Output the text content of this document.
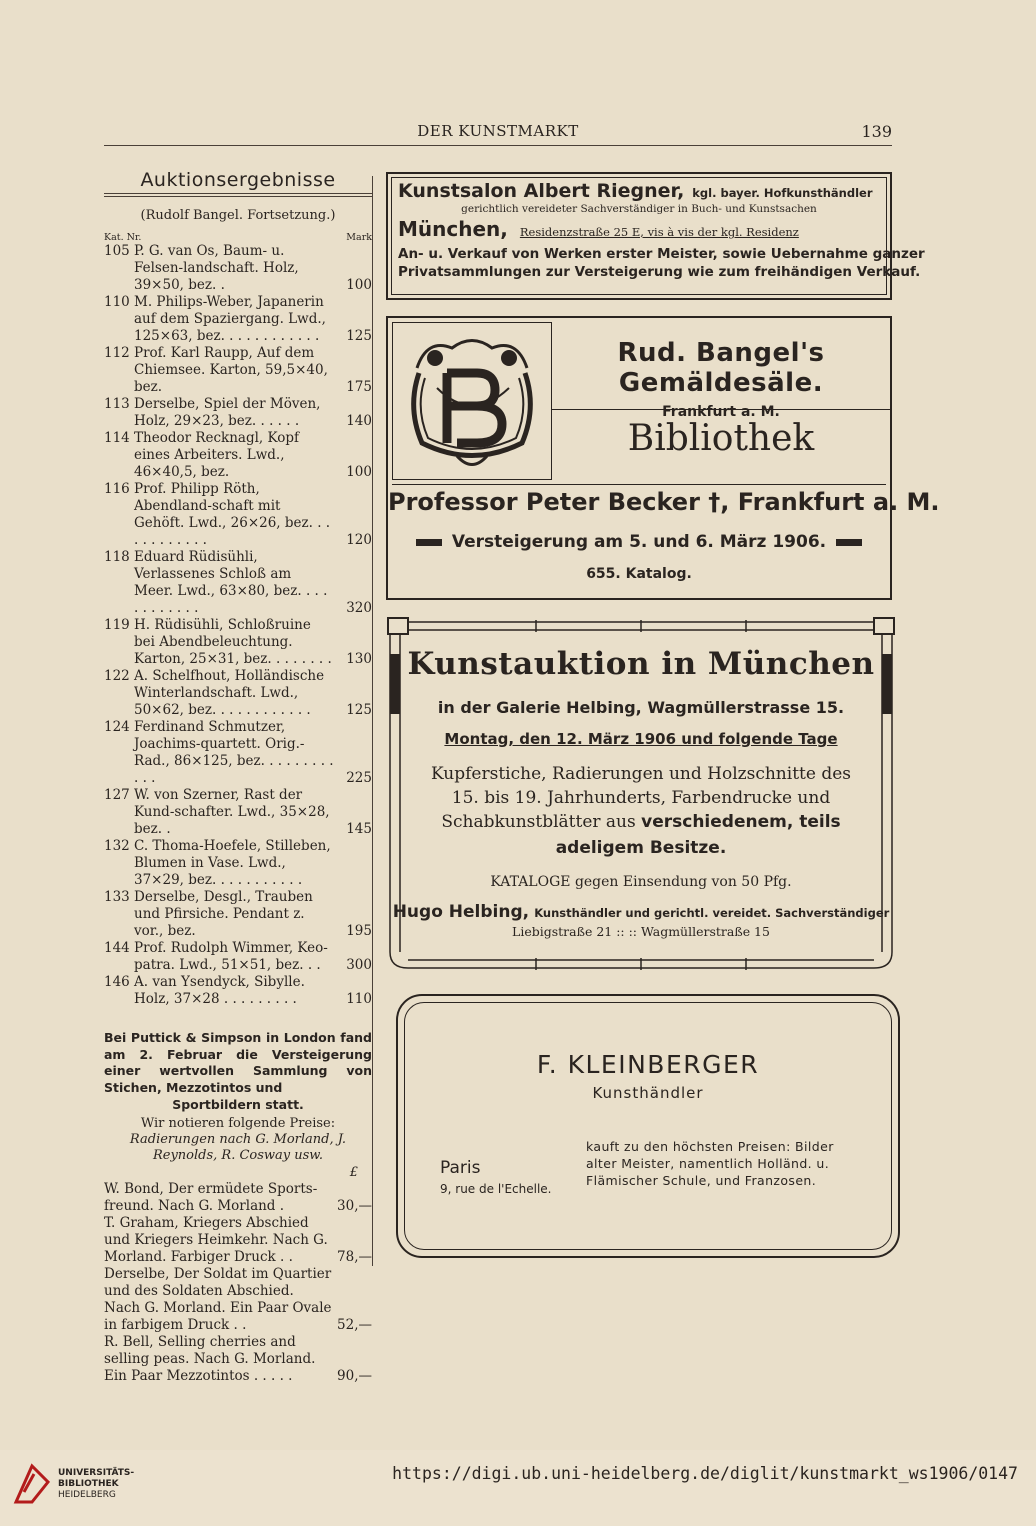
DER KUNSTMARKT	139
Auktionsergebnisse
(Rudolf Bangel. Fortsetzung.)
Kat. Nr.	Mark
105 P. G. van Os, Baum- u. Felsen-landschaft. Holz, 39×50, bez. .	100
110 M. Philips-Weber, Japanerin auf dem Spaziergang. Lwd., 125×63, bez. . . . . . . . . . . .	125
112 Prof. Karl Raupp, Auf dem Chiemsee. Karton, 59,5×40, bez.	175
113 Derselbe, Spiel der Möven, Holz, 29×23, bez. . . . . .	140
114 Theodor Recknagl, Kopf eines Arbeiters. Lwd., 46×40,5, bez.	100
116 Prof. Philipp Röth, Abendland-schaft mit Gehöft. Lwd., 26×26, bez. . . . . . . . . . . .	120
118 Eduard Rüdisühli, Verlassenes Schloß am Meer. Lwd., 63×80, bez. . . . . . . . . . . .	320
119 H. Rüdisühli, Schloßruine bei Abendbeleuchtung. Karton, 25×31, bez. . . . . . . .	130
122 A. Schelfhout, Holländische Winterlandschaft. Lwd., 50×62, bez. . . . . . . . . . . .	125
124 Ferdinand Schmutzer, Joachims-quartett. Orig.-Rad., 86×125, bez. . . . . . . . . . . .	225
127 W. von Szerner, Rast der Kund-schafter. Lwd., 35×28, bez. .	145
132 C. Thoma-Hoefele, Stilleben, Blumen in Vase. Lwd., 37×29, bez. . . . . . . . . . .
133 Derselbe, Desgl., Trauben und Pfirsiche. Pendant z. vor., bez.	195
144 Prof. Rudolph Wimmer, Keo-patra. Lwd., 51×51, bez. . .	300
146 A. van Ysendyck, Sibylle. Holz, 37×28 . . . . . . . . .	110
Bei Puttick & Simpson in London fand am 2. Februar die Versteigerung einer wertvollen Sammlung von Stichen, Mezzotintos und
Sportbildern statt.
Wir notieren folgende Preise:
Radierungen nach G. Morland, J. Reynolds, R. Cosway usw.
£
W. Bond, Der ermüdete Sports-freund. Nach G. Morland .	30,—
T. Graham, Kriegers Abschied und Kriegers Heimkehr. Nach G. Morland. Farbiger Druck . .	78,—
Derselbe, Der Soldat im Quartier und des Soldaten Abschied. Nach G. Morland. Ein Paar Ovale in farbigem Druck . .	52,—
R. Bell, Selling cherries and selling peas. Nach G. Morland. Ein Paar Mezzotintos . . . . .	90,—
Kunstsalon Albert Riegner, kgl. bayer. Hofkunsthändler
gerichtlich vereideter Sachverständiger in Buch- und Kunstsachen
München, Residenzstraße 25 E, vis à vis der kgl. Residenz
An- u. Verkauf von Werken erster Meister, sowie Uebernahme ganzer
Privatsammlungen zur Versteigerung wie zum freihändigen Verkauf.
Rud. Bangel's Gemäldesäle.
Frankfurt a. M.
Bibliothek
Professor Peter Becker †, Frankfurt a. M.
Versteigerung am 5. und 6. März 1906.
655. Katalog.
Kunstauktion in München
in der Galerie Helbing, Wagmüllerstrasse 15.
Montag, den 12. März 1906 und folgende Tage
Kupferstiche, Radierungen und Holzschnitte des
15. bis 19. Jahrhunderts, Farbendrucke und
Schabkunstblätter aus verschiedenem, teils
adeligem Besitze.
KATALOGE gegen Einsendung von 50 Pfg.
Hugo Helbing, Kunsthändler und gerichtl. vereidet. Sachverständiger
Liebigstraße 21 :: :: Wagmüllerstraße 15
F. KLEINBERGER
Kunsthändler
Paris
9, rue de l'Echelle.
kauft zu den höchsten Preisen: Bilder
alter Meister, namentlich Holländ. u.
Flämischer Schule, und Franzosen.
UNIVERSITÄTS-
BIBLIOTHEK
HEIDELBERG
https://digi.ub.uni-heidelberg.de/diglit/kunstmarkt_ws1906/0147
